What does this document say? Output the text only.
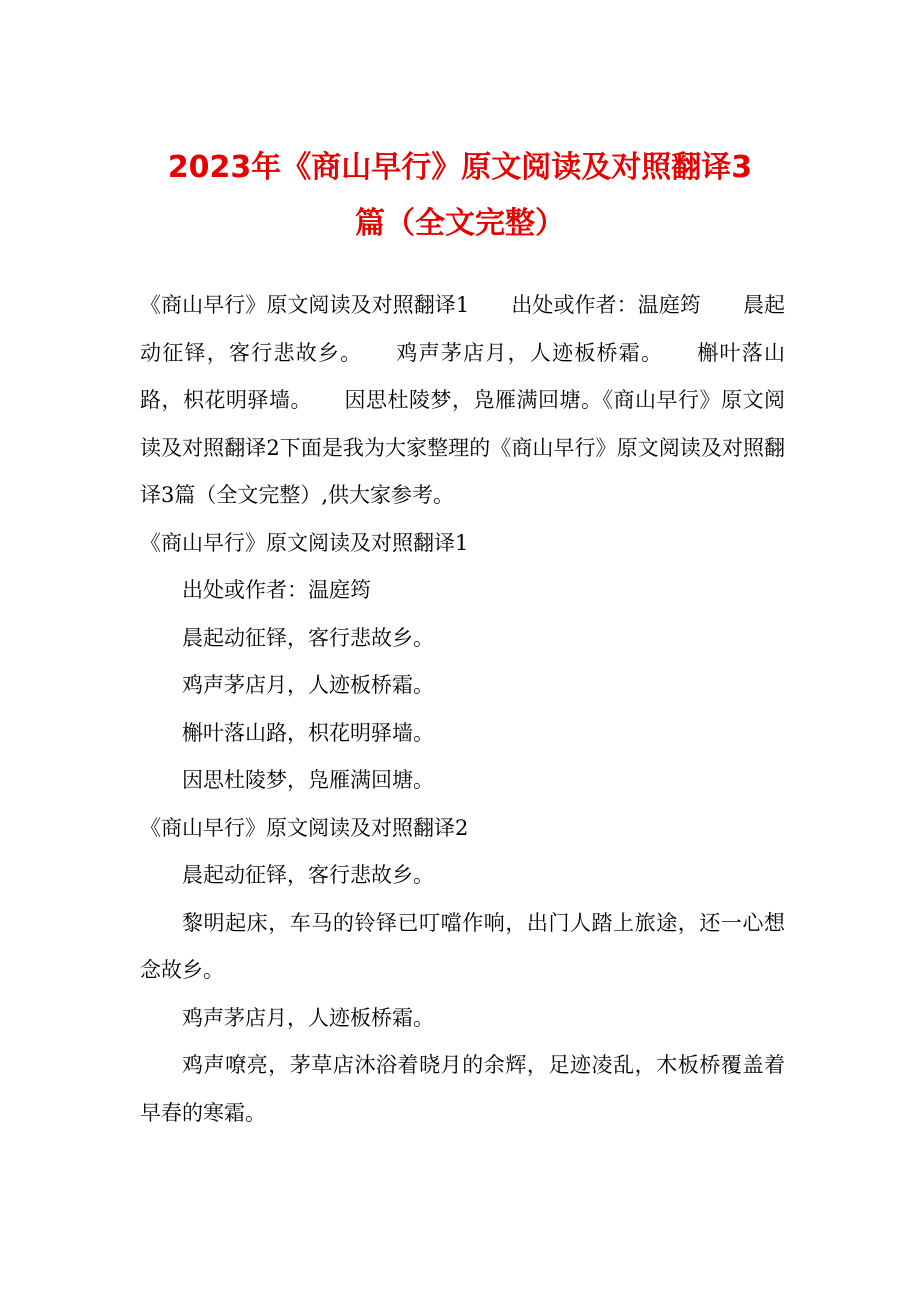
2023年《商山早行》原文阅读及对照翻译3
篇（全文完整）

《商山早行》原文阅读及对照翻译1　　出处或作者：温庭筠　　晨起动征铎，客行悲故乡。　　鸡声茅店月，人迹板桥霜。　　槲叶落山路，枳花明驿墙。　　因思杜陵梦，凫雁满回塘。《商山早行》原文阅读及对照翻译2下面是我为大家整理的《商山早行》原文阅读及对照翻译3篇（全文完整）,供大家参考。

《商山早行》原文阅读及对照翻译1

出处或作者：温庭筠

晨起动征铎，客行悲故乡。

鸡声茅店月，人迹板桥霜。

槲叶落山路，枳花明驿墙。

因思杜陵梦，凫雁满回塘。

《商山早行》原文阅读及对照翻译2

晨起动征铎，客行悲故乡。

黎明起床，车马的铃铎已叮噹作响，出门人踏上旅途，还一心想念故乡。

鸡声茅店月，人迹板桥霜。

鸡声嘹亮，茅草店沐浴着晓月的余辉，足迹凌乱，木板桥覆盖着早春的寒霜。
